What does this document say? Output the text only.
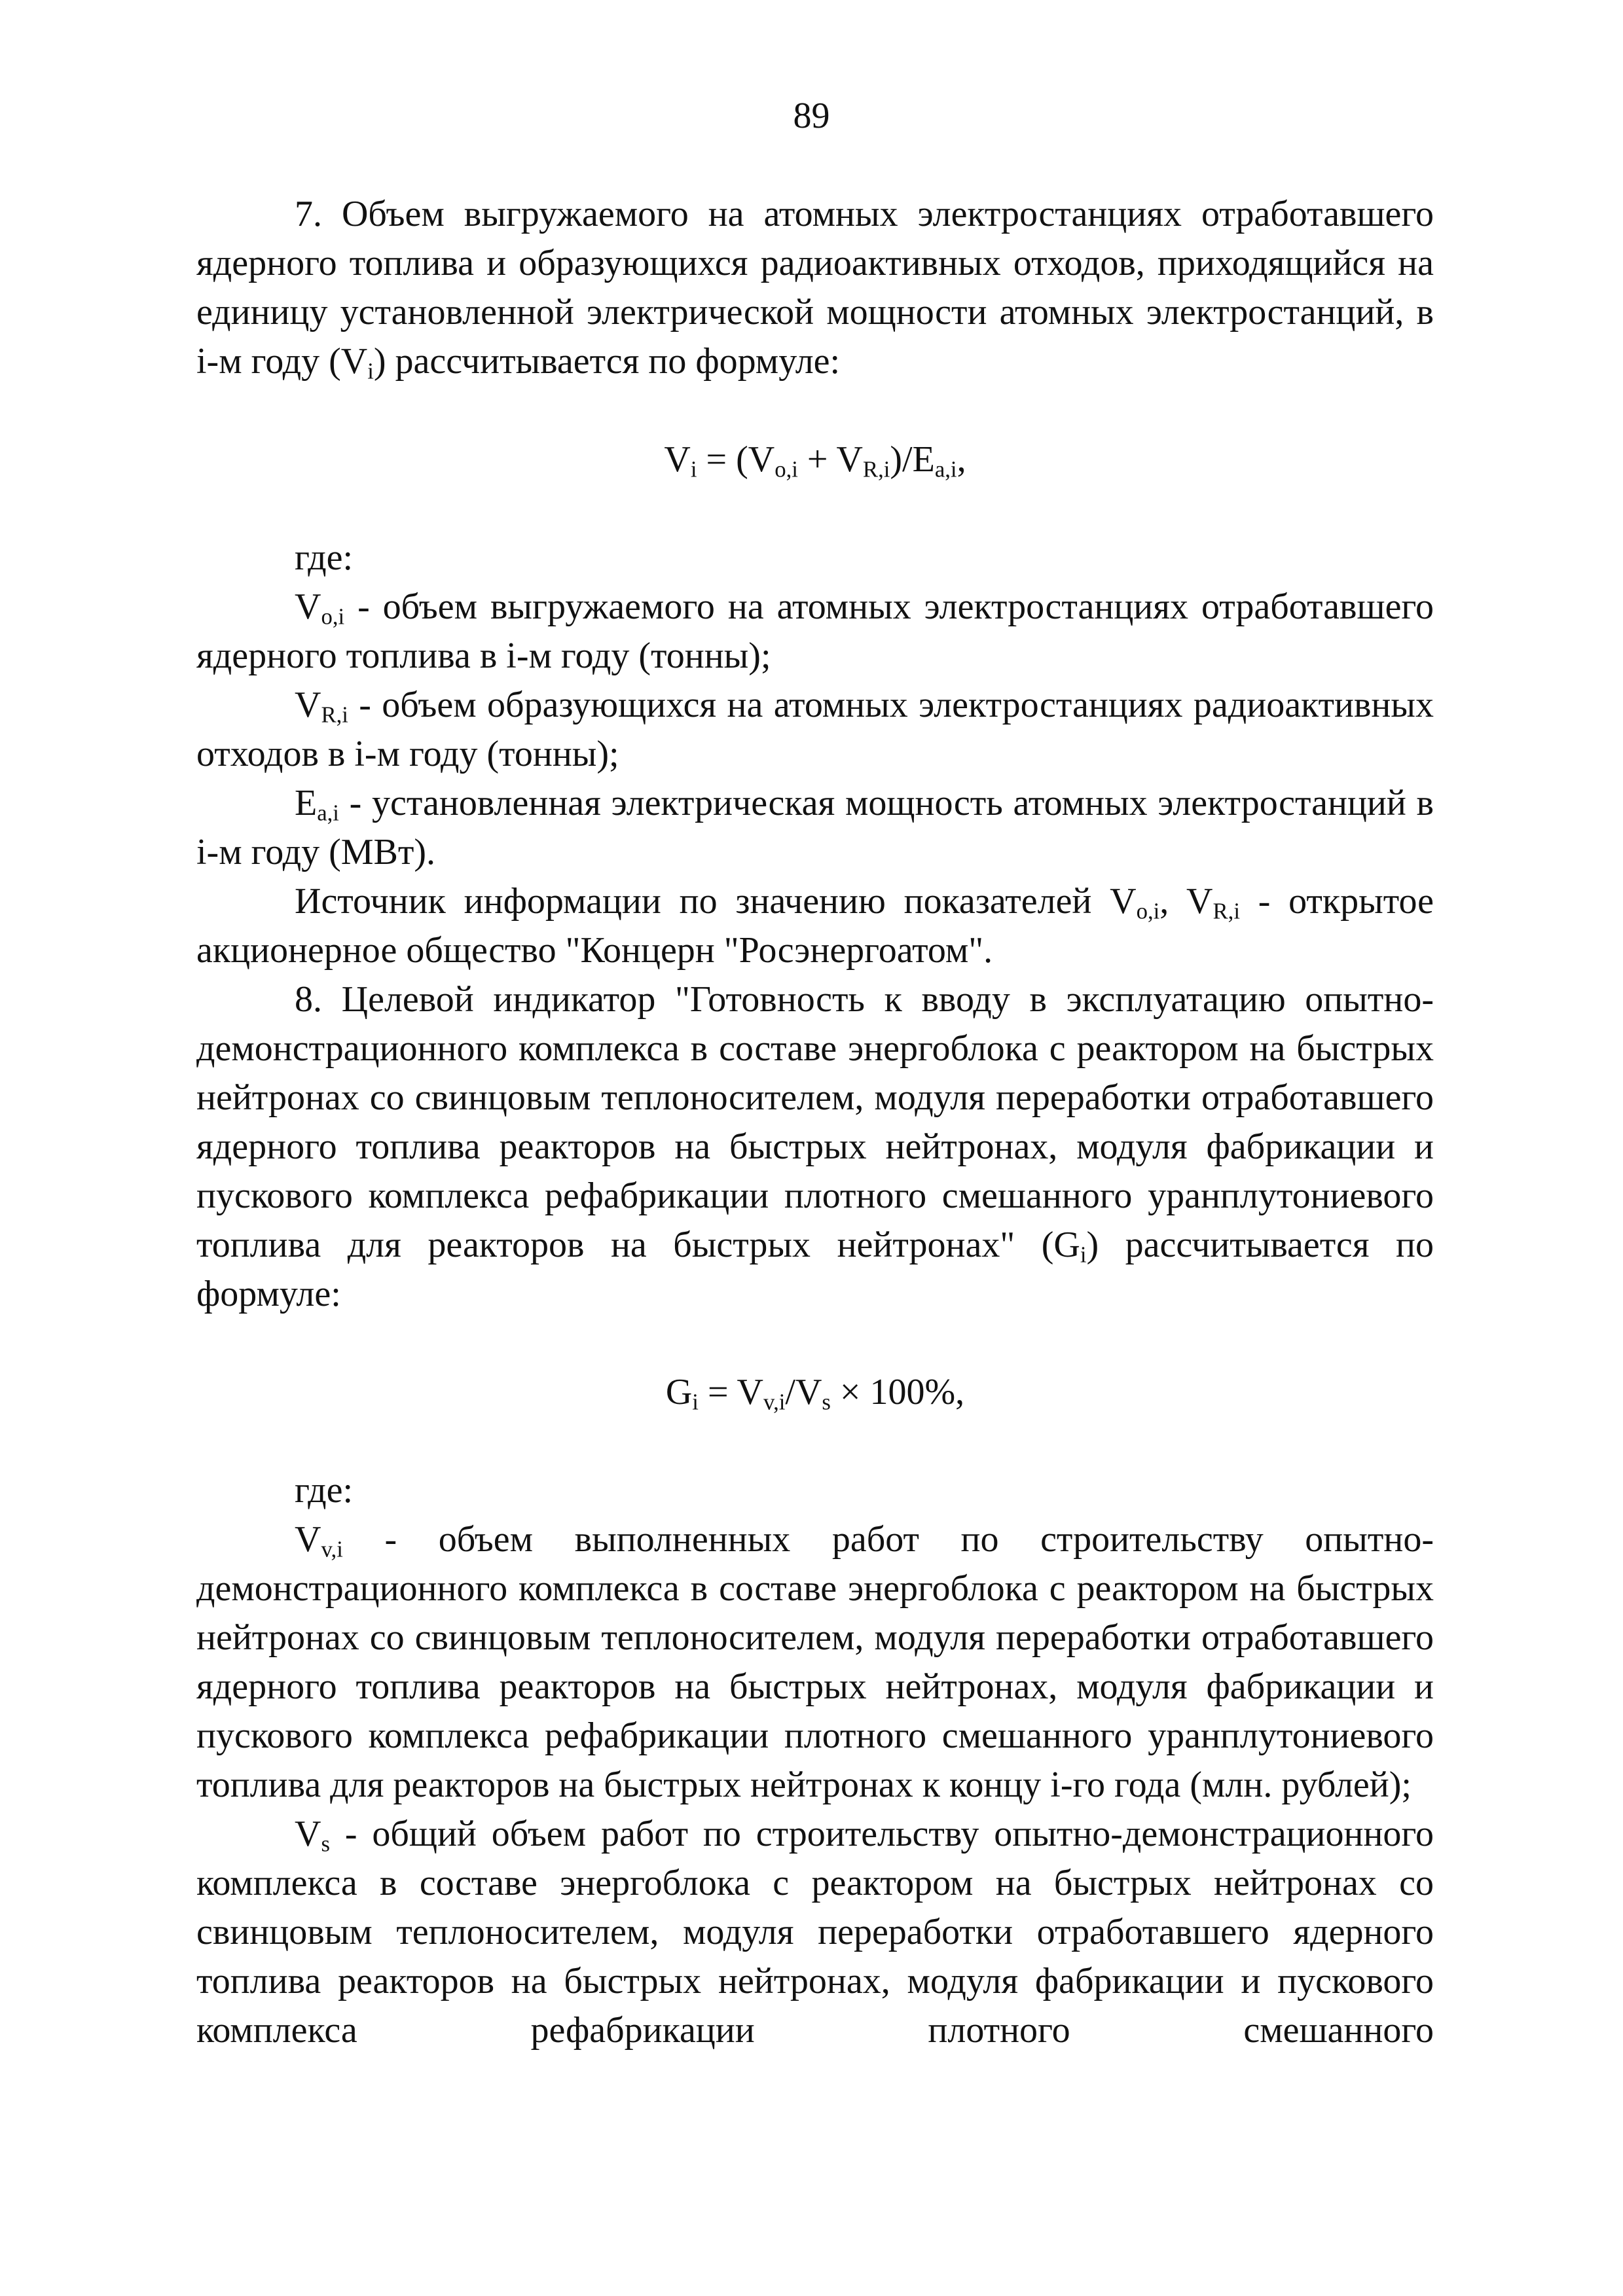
89

7. Объем выгружаемого на атомных электростанциях отработавшего ядерного топлива и образующихся радиоактивных отходов, приходящийся на единицу установленной электрической мощности атомных электростанций, в i-м году $(V_i)$ рассчитывается по формуле:

$V_i = (V_{o,i} + V_{R,i})/E_{a,i}$,

где:

$V_{o,i}$ - объем выгружаемого на атомных электростанциях отработавшего ядерного топлива в i-м году (тонны);

$V_{R,i}$ - объем образующихся на атомных электростанциях радиоактивных отходов в i-м году (тонны);

$E_{a,i}$ - установленная электрическая мощность атомных электростанций в i-м году (МВт).

Источник информации по значению показателей $V_{o,i}$, $V_{R,i}$ - открытое акционерное общество "Концерн "Росэнергоатом".

8. Целевой индикатор "Готовность к вводу в эксплуатацию опытно-демонстрационного комплекса в составе энергоблока с реактором на быстрых нейтронах со свинцовым теплоносителем, модуля переработки отработавшего ядерного топлива реакторов на быстрых нейтронах, модуля фабрикации и пускового комплекса рефабрикации плотного смешанного уранплутониевого топлива для реакторов на быстрых нейтронах" $(G_i)$ рассчитывается по формуле:

$G_i = V_{v,i}/V_s \times 100\%$,

где:

$V_{v,i}$ - объем выполненных работ по строительству опытно-демонстрационного комплекса в составе энергоблока с реактором на быстрых нейтронах со свинцовым теплоносителем, модуля переработки отработавшего ядерного топлива реакторов на быстрых нейтронах, модуля фабрикации и пускового комплекса рефабрикации плотного смешанного уранплутониевого топлива для реакторов на быстрых нейтронах к концу i-го года (млн. рублей);

$V_s$ - общий объем работ по строительству опытно-демонстрационного комплекса в составе энергоблока с реактором на быстрых нейтронах со свинцовым теплоносителем, модуля переработки отработавшего ядерного топлива реакторов на быстрых нейтронах, модуля фабрикации и пускового комплекса рефабрикации плотного смешанного
